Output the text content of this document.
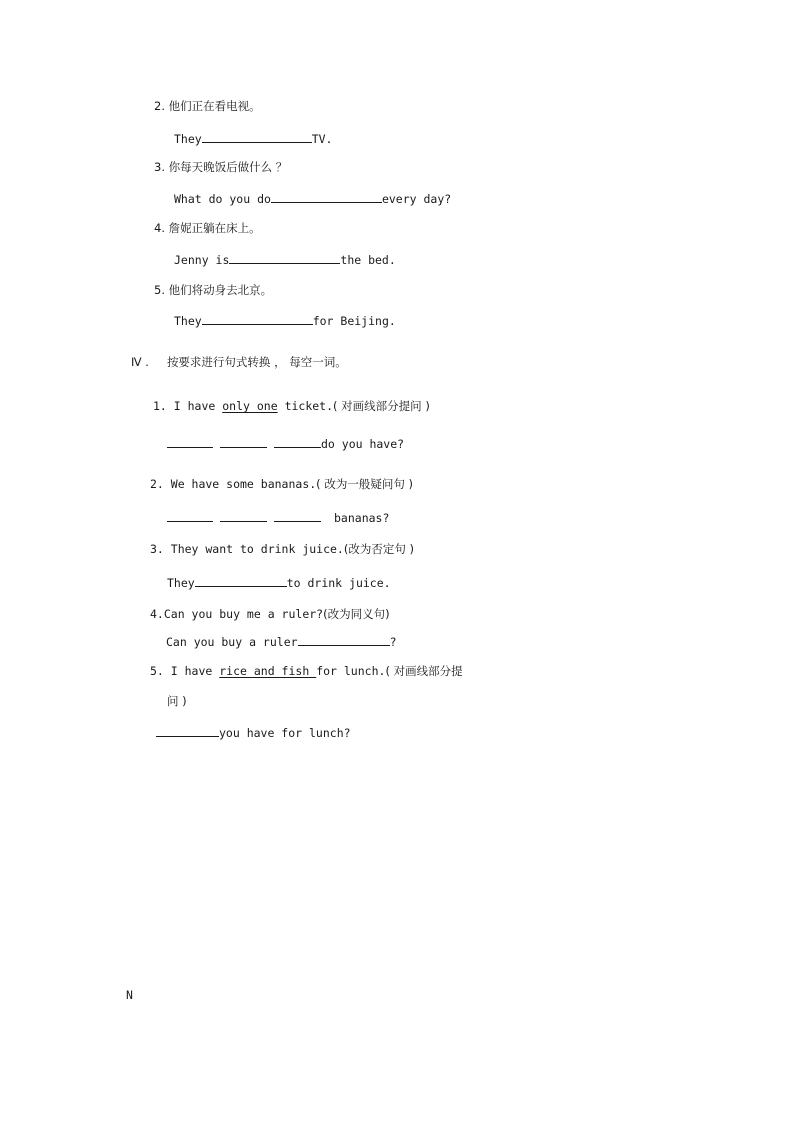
2. 他们正在看电视。
They	TV.
3. 你每天晚饭后做什么 ？
What do you do	every day?
4. 詹妮正躺在床上。
Jenny is	the bed.
5. 他们将动身去北京。
They	for Beijing.
Ⅳ . 按要求进行句式转换 ， 每空一词。
1. I have only one ticket.( 对画线部分提问 )
do you have?
2. We have some bananas.( 改为一般疑问句 )
bananas?
3. They want to drink juice.(改为否定句 )
They	to drink juice.
4.Can you buy me a ruler?(改为同义句)
Can you buy a ruler	?
5. I have rice and fish for lunch.( 对画线部分提
问 )
you have for lunch?
N
